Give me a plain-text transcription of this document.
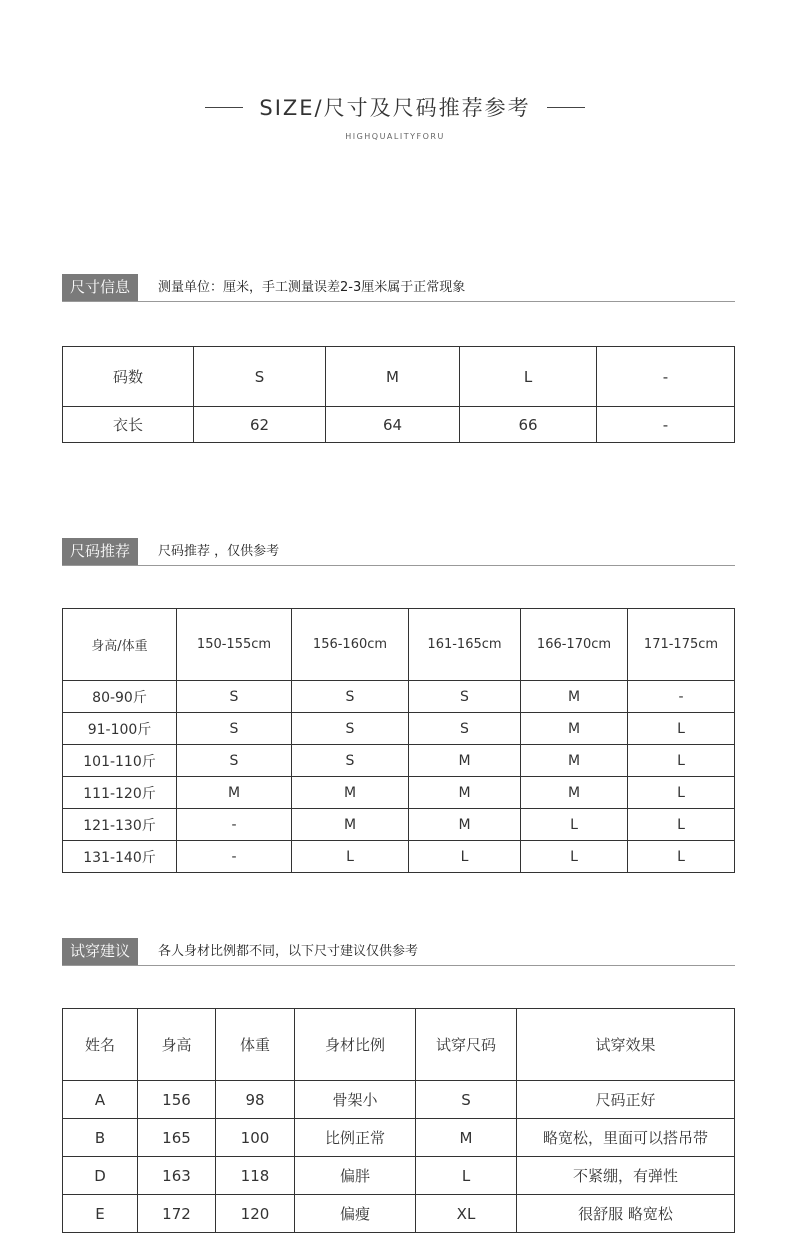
SIZE/尺寸及尺码推荐参考
HIGHQUALITYFORU
尺寸信息	测量单位：厘米，手工测量误差2-3厘米属于正常现象
码数	S	M	L	-
衣长	62	64	66	-
尺码推荐	尺码推荐 ，仅供参考
身高/体重	150-155cm	156-160cm	161-165cm	166-170cm	171-175cm
80-90斤	S	S	S	M	-
91-100斤	S	S	S	M	L
101-110斤	S	S	M	M	L
111-120斤	M	M	M	M	L
121-130斤	-	M	M	L	L
131-140斤	-	L	L	L	L
试穿建议	各人身材比例都不同，以下尺寸建议仅供参考
姓名	身高	体重	身材比例	试穿尺码	试穿效果
A	156	98	骨架小	S	尺码正好
B	165	100	比例正常	M	略宽松，里面可以搭吊带
D	163	118	偏胖	L	不紧绷，有弹性
E	172	120	偏瘦	XL	很舒服 略宽松
